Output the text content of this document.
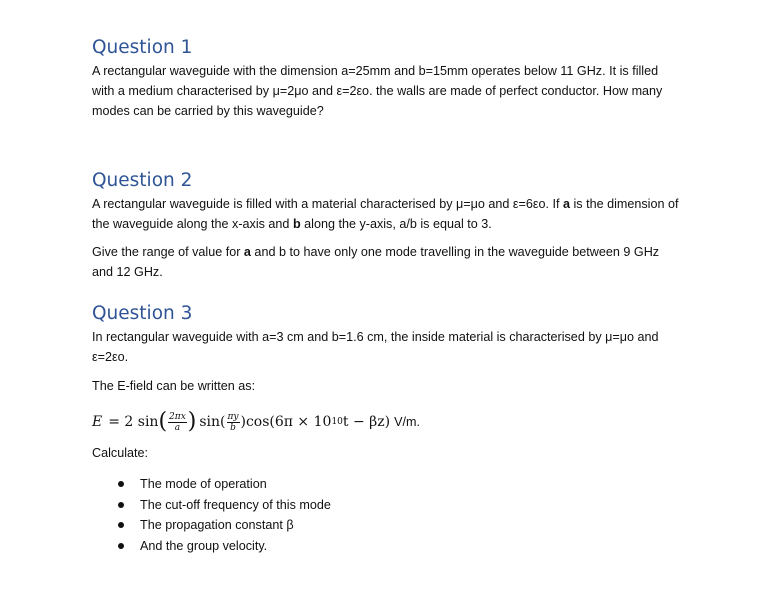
Question 1

A rectangular waveguide with the dimension a=25mm and b=15mm operates below 11 GHz. It is filled with a medium characterised by μ=2μo and ε=2εo. the walls are made of perfect conductor. How many modes can be carried by this waveguide?

Question 2

A rectangular waveguide is filled with a material characterised by μ=μo and ε=6εo. If a is the dimension of the waveguide along the x-axis and b along the y-axis, a/b is equal to 3.

Give the range of value for a and b to have only one mode travelling in the waveguide between 9 GHz and 12 GHz.

Question 3

In rectangular waveguide with a=3 cm and b=1.6 cm, the inside material is characterised by μ=μo and ε=2εo.

The E-field can be written as:

E = 2 sin ( $\frac{2\pi x}{a}$ ) $\sin( \frac{\pi y}{b} )\cos(6\pi \times 10$ 10 t − βz) V/m.

Calculate:

The mode of operation
The cut-off frequency of this mode
The propagation constant β
And the group velocity.
